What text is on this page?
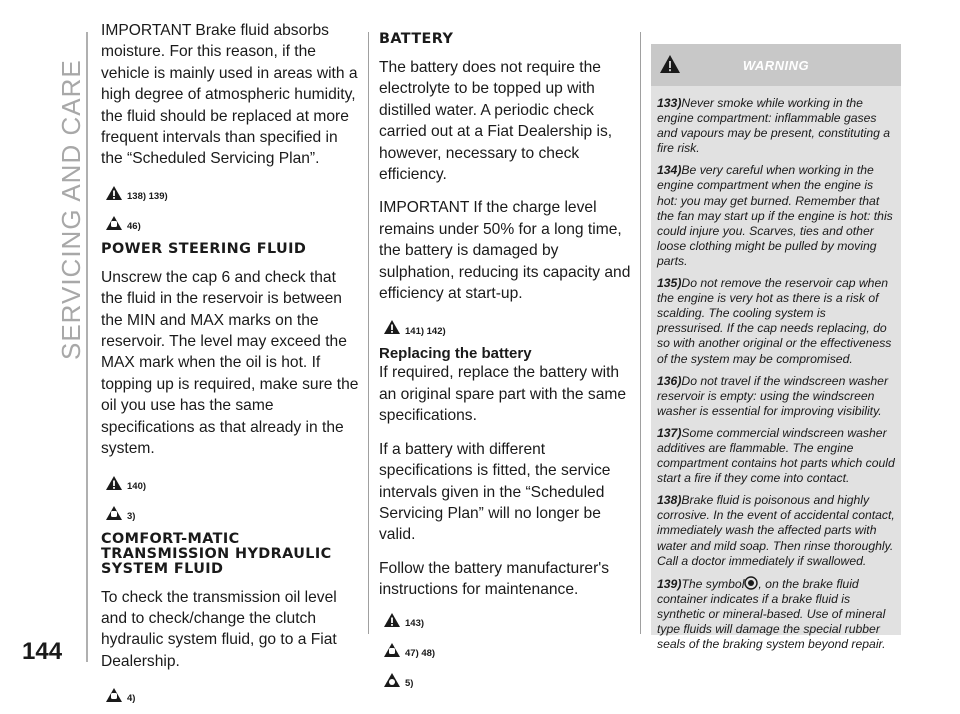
SERVICING AND CARE
144

IMPORTANT Brake fluid absorbs moisture. For this reason, if the vehicle is mainly used in areas with a high degree of atmospheric humidity, the fluid should be replaced at more frequent intervals than specified in the “Scheduled Servicing Plan”.

138) 139)
46)
POWER STEERING FLUID

Unscrew the cap 6 and check that the fluid in the reservoir is between the MIN and MAX marks on the reservoir. The level may exceed the MAX mark when the oil is hot. If topping up is required, make sure the oil you use has the same specifications as that already in the system.

140)
3)
COMFORT-MATIC TRANSMISSION HYDRAULIC SYSTEM FLUID

To check the transmission oil level and to check/change the clutch hydraulic system fluid, go to a Fiat Dealership.

4)
BATTERY

The battery does not require the electrolyte to be topped up with distilled water. A periodic check carried out at a Fiat Dealership is, however, necessary to check efficiency.

IMPORTANT If the charge level remains under 50% for a long time, the battery is damaged by sulphation, reducing its capacity and efficiency at start-up.

141) 142)
Replacing the battery

If required, replace the battery with an original spare part with the same specifications.

If a battery with different specifications is fitted, the service intervals given in the “Scheduled Servicing Plan” will no longer be valid.

Follow the battery manufacturer's instructions for maintenance.

143)
47) 48)
5)
WARNING

133)Never smoke while working in the engine compartment: inflammable gases and vapours may be present, constituting a fire risk.

134)Be very careful when working in the engine compartment when the engine is hot: you may get burned. Remember that the fan may start up if the engine is hot: this could injure you. Scarves, ties and other loose clothing might be pulled by moving parts.

135)Do not remove the reservoir cap when the engine is very hot as there is a risk of scalding. The cooling system is pressurised. If the cap needs replacing, do so with another original or the effectiveness of the system may be compromised.

136)Do not travel if the windscreen washer reservoir is empty: using the windscreen washer is essential for improving visibility.

137)Some commercial windscreen washer additives are flammable. The engine compartment contains hot parts which could start a fire if they come into contact.

138)Brake fluid is poisonous and highly corrosive. In the event of accidental contact, immediately wash the affected parts with water and mild soap. Then rinse thoroughly. Call a doctor immediately if swallowed.

139)The symbol , on the brake fluid container indicates if a brake fluid is synthetic or mineral-based. Use of mineral type fluids will damage the special rubber seals of the braking system beyond repair.
